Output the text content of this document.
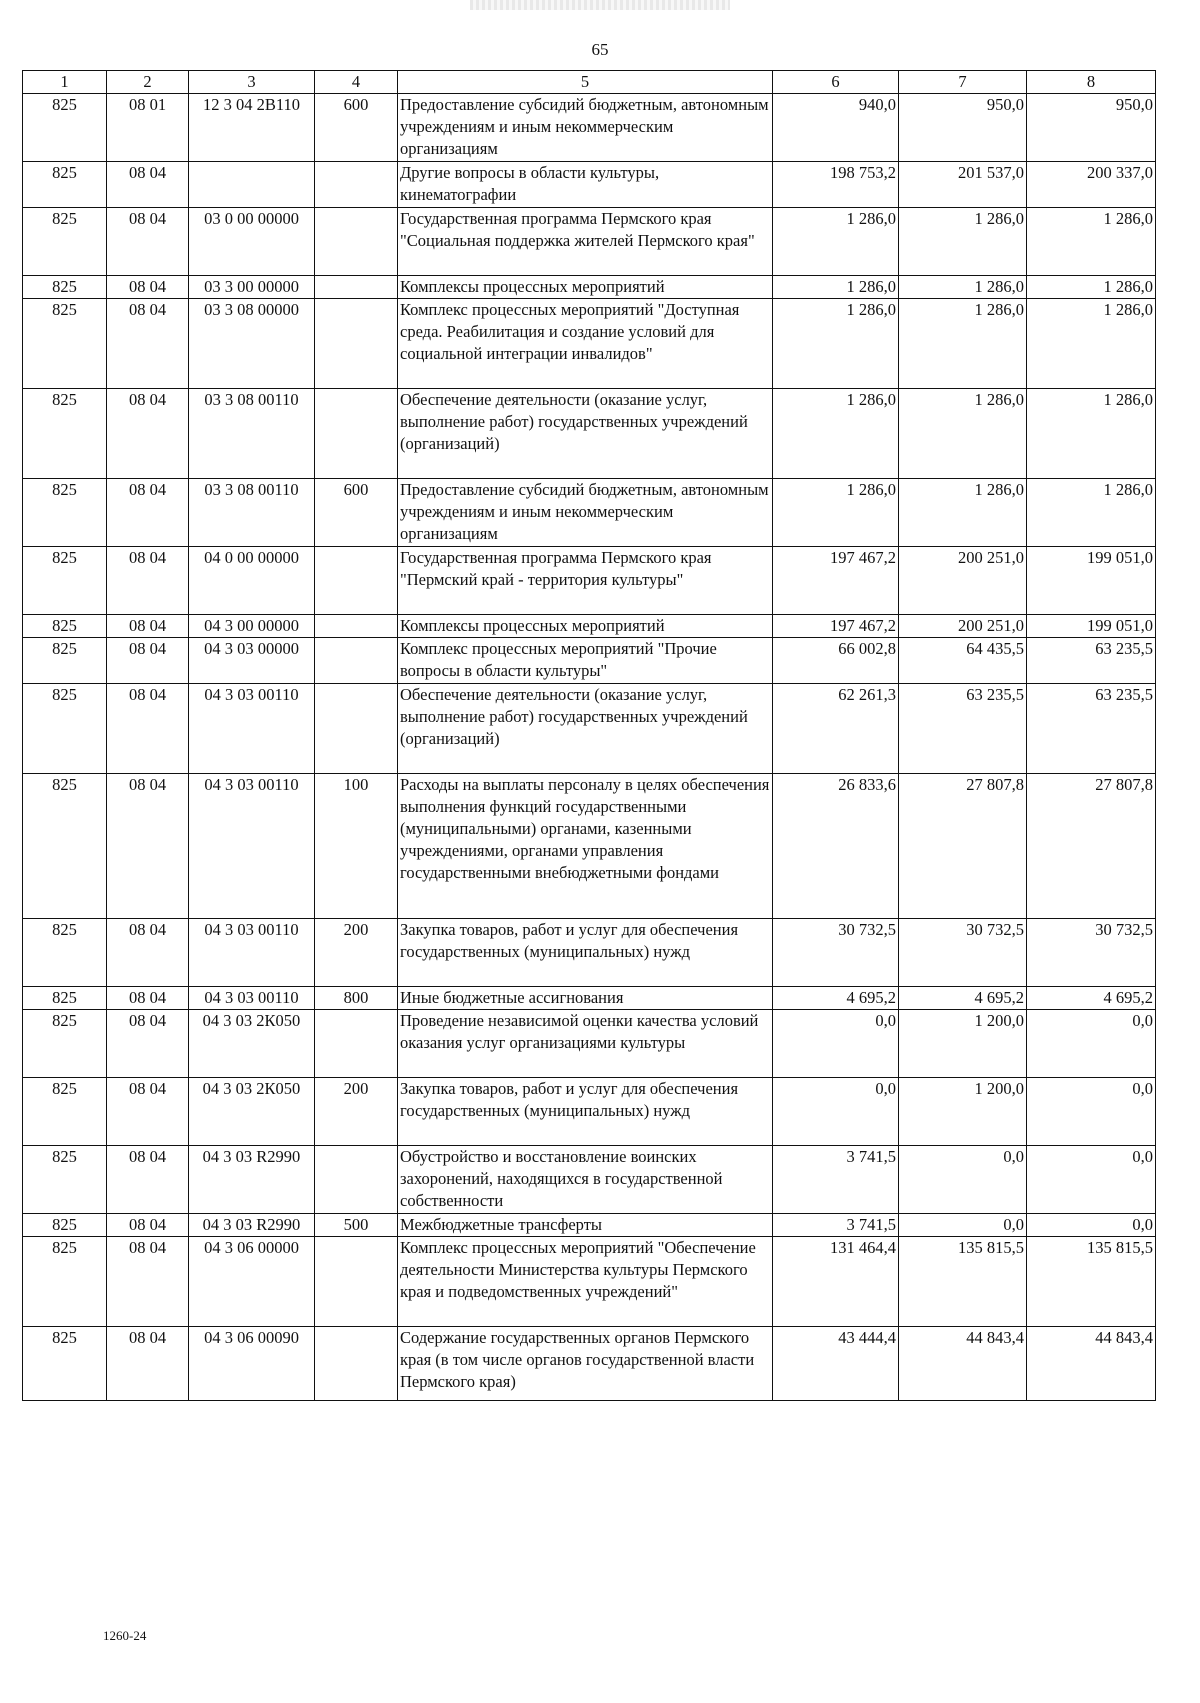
65
1	2	3	4	5	6	7	8
825	08 01	12 3 04 2В110	600	Предоставление субсидий бюджетным, автономным учреждениям и иным некоммерческим организациям	940,0	950,0	950,0
825	08 04			Другие вопросы в области культуры, кинематографии	198 753,2	201 537,0	200 337,0
825	08 04	03 0 00 00000		Государственная программа Пермского края "Социальная поддержка жителей Пермского края"	1 286,0	1 286,0	1 286,0
825	08 04	03 3 00 00000		Комплексы процессных мероприятий	1 286,0	1 286,0	1 286,0
825	08 04	03 3 08 00000		Комплекс процессных мероприятий "Доступная среда. Реабилитация и создание условий для социальной интеграции инвалидов"	1 286,0	1 286,0	1 286,0
825	08 04	03 3 08 00110		Обеспечение деятельности (оказание услуг, выполнение работ) государственных учреждений (организаций)	1 286,0	1 286,0	1 286,0
825	08 04	03 3 08 00110	600	Предоставление субсидий бюджетным, автономным учреждениям и иным некоммерческим организациям	1 286,0	1 286,0	1 286,0
825	08 04	04 0 00 00000		Государственная программа Пермского края "Пермский край - территория культуры"	197 467,2	200 251,0	199 051,0
825	08 04	04 3 00 00000		Комплексы процессных мероприятий	197 467,2	200 251,0	199 051,0
825	08 04	04 3 03 00000		Комплекс процессных мероприятий "Прочие вопросы в области культуры"	66 002,8	64 435,5	63 235,5
825	08 04	04 3 03 00110		Обеспечение деятельности (оказание услуг, выполнение работ) государственных учреждений (организаций)	62 261,3	63 235,5	63 235,5
825	08 04	04 3 03 00110	100	Расходы на выплаты персоналу в целях обеспечения выполнения функций государственными (муниципальными) органами, казенными учреждениями, органами управления государственными внебюджетными фондами	26 833,6	27 807,8	27 807,8
825	08 04	04 3 03 00110	200	Закупка товаров, работ и услуг для обеспечения государственных (муниципальных) нужд	30 732,5	30 732,5	30 732,5
825	08 04	04 3 03 00110	800	Иные бюджетные ассигнования	4 695,2	4 695,2	4 695,2
825	08 04	04 3 03 2К050		Проведение независимой оценки качества условий оказания услуг организациями культуры	0,0	1 200,0	0,0
825	08 04	04 3 03 2К050	200	Закупка товаров, работ и услуг для обеспечения государственных (муниципальных) нужд	0,0	1 200,0	0,0
825	08 04	04 3 03 R2990		Обустройство и восстановление воинских захоронений, находящихся в государственной собственности	3 741,5	0,0	0,0
825	08 04	04 3 03 R2990	500	Межбюджетные трансферты	3 741,5	0,0	0,0
825	08 04	04 3 06 00000		Комплекс процессных мероприятий "Обеспечение деятельности Министерства культуры Пермского края и подведомственных учреждений"	131 464,4	135 815,5	135 815,5
825	08 04	04 3 06 00090		Содержание государственных органов Пермского края (в том числе органов государственной власти Пермского края)	43 444,4	44 843,4	44 843,4
1260-24
